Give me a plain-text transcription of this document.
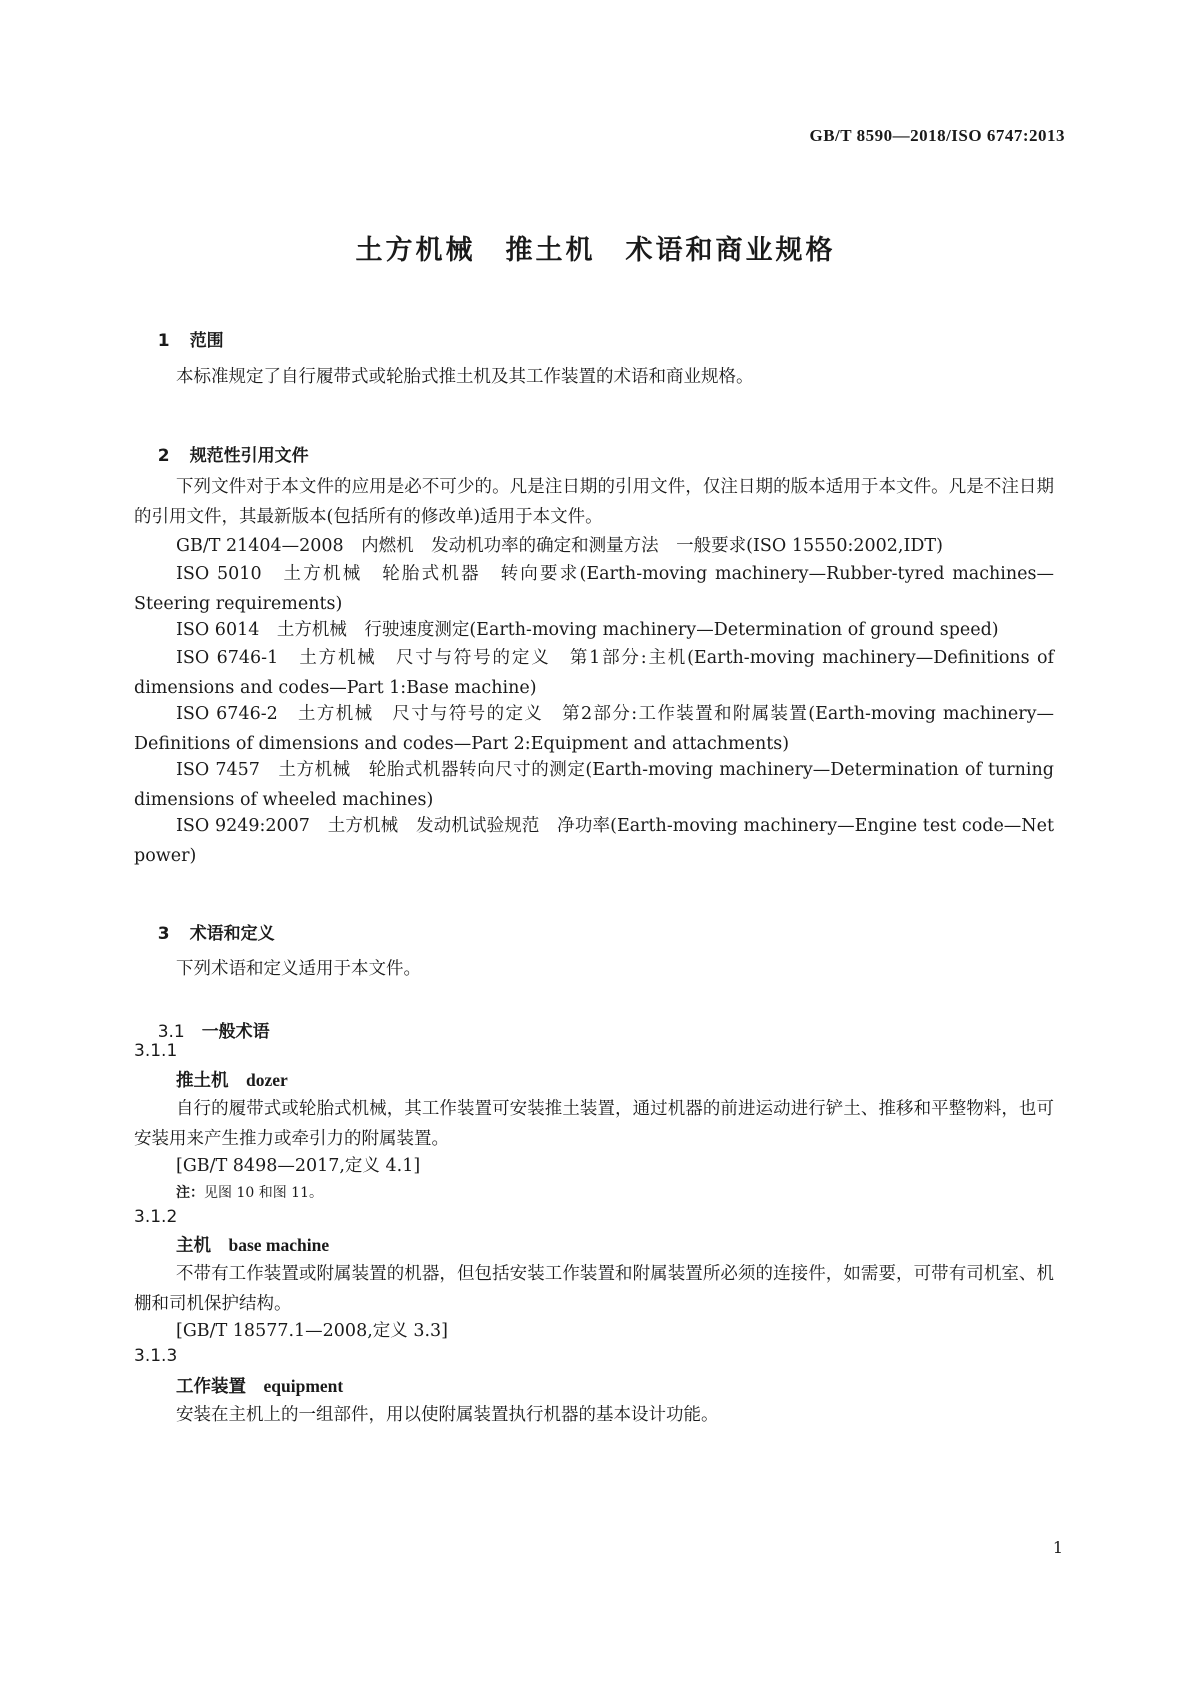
GB/T 8590—2018/ISO 6747:2013
土方机械　推土机　术语和商业规格

1 范围

本标准规定了自行履带式或轮胎式推土机及其工作装置的术语和商业规格。

2 规范性引用文件

下列文件对于本文件的应用是必不可少的。凡是注日期的引用文件，仅注日期的版本适用于本文件。凡是不注日期的引用文件，其最新版本(包括所有的修改单)适用于本文件。
GB/T 21404—2008　内燃机　发动机功率的确定和测量方法　一般要求(ISO 15550:2002,IDT)
ISO 5010　土方机械　轮胎式机器　转向要求(Earth-moving machinery—Rubber-tyred machines—Steering requirements)
ISO 6014　土方机械　行驶速度测定(Earth-moving machinery—Determination of ground speed)
ISO 6746-1　土方机械　尺寸与符号的定义　第1部分:主机(Earth-moving machinery—Definitions of dimensions and codes—Part 1:Base machine)
ISO 6746-2　土方机械　尺寸与符号的定义　第2部分:工作装置和附属装置(Earth-moving machinery—Definitions of dimensions and codes—Part 2:Equipment and attachments)
ISO 7457　土方机械　轮胎式机器转向尺寸的测定(Earth-moving machinery—Determination of turning dimensions of wheeled machines)
ISO 9249:2007　土方机械　发动机试验规范　净功率(Earth-moving machinery—Engine test code—Net power)

3 术语和定义

下列术语和定义适用于本文件。

3.1 一般术语

3.1.1
推土机　 dozer
自行的履带式或轮胎式机械，其工作装置可安装推土装置，通过机器的前进运动进行铲土、推移和平整物料，也可安装用来产生推力或牵引力的附属装置。
[GB/T 8498—2017,定义 4.1]
注：见图 10 和图 11。
3.1.2
主机　 base machine
不带有工作装置或附属装置的机器，但包括安装工作装置和附属装置所必须的连接件，如需要，可带有司机室、机棚和司机保护结构。
[GB/T 18577.1—2008,定义 3.3]
3.1.3
工作装置　 equipment
安装在主机上的一组部件，用以使附属装置执行机器的基本设计功能。
1
